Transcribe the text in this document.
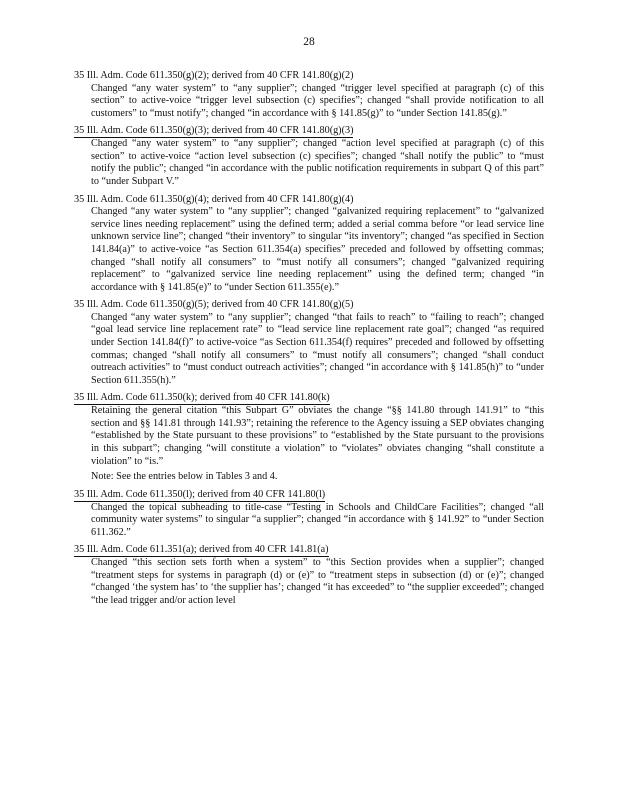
28
35 Ill. Adm. Code 611.350(g)(2); derived from 40 CFR 141.80(g)(2)

Changed “any water system” to “any supplier”; changed “trigger level specified at paragraph (c) of this section” to active-voice “trigger level subsection (c) specifies”; changed “shall provide notification to all customers” to “must notify”; changed “in accordance with § 141.85(g)” to “under Section 141.85(g).”

35 Ill. Adm. Code 611.350(g)(3); derived from 40 CFR 141.80(g)(3)

Changed “any water system” to “any supplier”; changed “action level specified at paragraph (c) of this section” to active-voice “action level subsection (c) specifies”; changed “shall notify the public” to “must notify the public”; changed “in accordance with the public notification requirements in subpart Q of this part” to “under Subpart V.”

35 Ill. Adm. Code 611.350(g)(4); derived from 40 CFR 141.80(g)(4)

Changed “any water system” to “any supplier”; changed “galvanized requiring replacement” to “galvanized service lines needing replacement” using the defined term; added a serial comma before “or lead service line unknown service line”; changed “their inventory” to singular “its inventory”; changed “as specified in Section 141.84(a)” to active-voice “as Section 611.354(a) specifies” preceded and followed by offsetting commas; changed “shall notify all consumers” to “must notify all consumers”; changed “galvanized requiring replacement” to “galvanized service line needing replacement” using the defined term; changed “in accordance with § 141.85(e)” to “under Section 611.355(e).”

35 Ill. Adm. Code 611.350(g)(5); derived from 40 CFR 141.80(g)(5)

Changed “any water system” to “any supplier”; changed “that fails to reach” to “failing to reach”; changed “goal lead service line replacement rate” to “lead service line replacement rate goal”; changed “as required under Section 141.84(f)” to active-voice “as Section 611.354(f) requires” preceded and followed by offsetting commas; changed “shall notify all consumers” to “must notify all consumers”; changed “shall conduct outreach activities” to “must conduct outreach activities”; changed “in accordance with § 141.85(h)” to “under Section 611.355(h).”

35 Ill. Adm. Code 611.350(k); derived from 40 CFR 141.80(k)

Retaining the general citation “this Subpart G” obviates the change “§§ 141.80 through 141.91” to “this section and §§ 141.81 through 141.93”; retaining the reference to the Agency issuing a SEP obviates changing “established by the State pursuant to these provisions” to “established by the State pursuant to the provisions in this subpart”; changing “will constitute a violation” to “violates” obviates changing “shall constitute a violation” to “is.”

Note: See the entries below in Tables 3 and 4.

35 Ill. Adm. Code 611.350(l); derived from 40 CFR 141.80(l)

Changed the topical subheading to title-case “Testing in Schools and ChildCare Facilities”; changed “all community water systems” to singular “a supplier”; changed “in accordance with § 141.92” to “under Section 611.362.”

35 Ill. Adm. Code 611.351(a); derived from 40 CFR 141.81(a)

Changed “this section sets forth when a system” to “this Section provides when a supplier”; changed “treatment steps for systems in paragraph (d) or (e)” to “treatment steps in subsection (d) or (e)”; changed “changed ‘the system has’ to ‘the supplier has’; changed “it has exceeded” to “the supplier exceeded”; changed “the lead trigger and/or action level
